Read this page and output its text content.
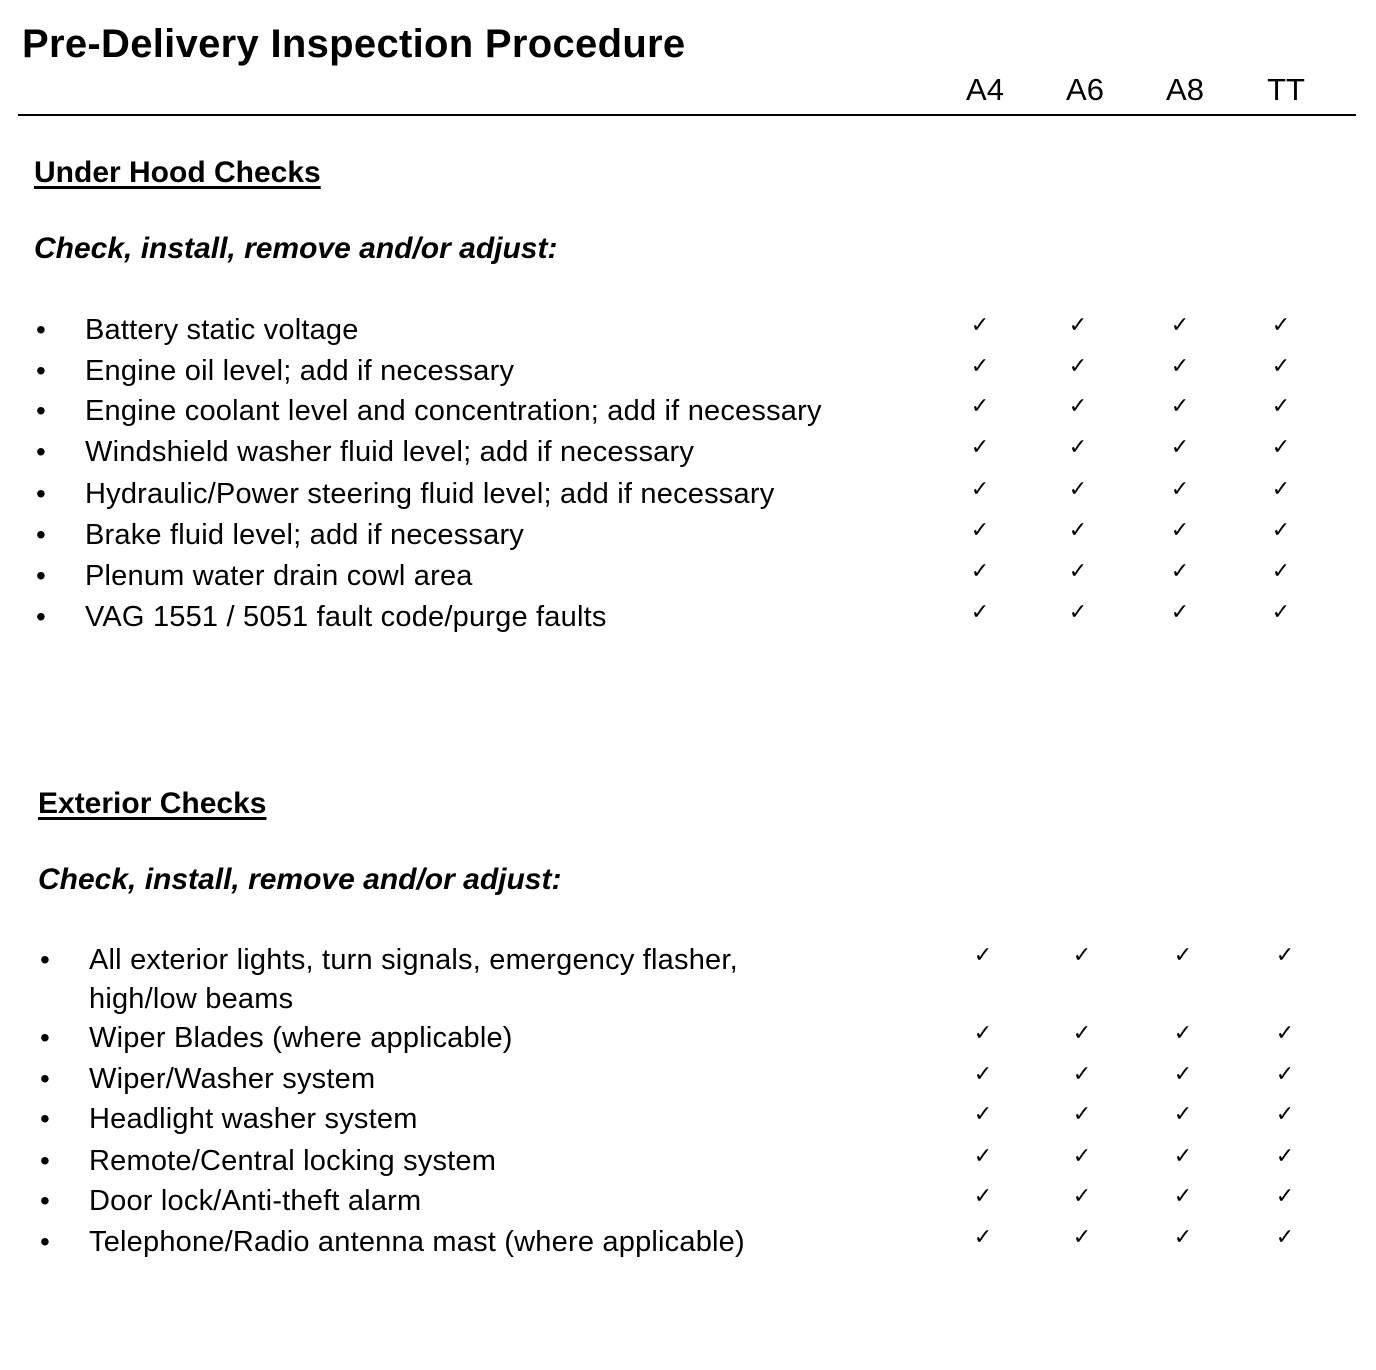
Pre-Delivery Inspection Procedure
A4	A6	A8	TT
Under Hood Checks
Check, install, remove and/or adjust:
• Battery static voltage	✓	✓	✓	✓
• Engine oil level; add if necessary	✓	✓	✓	✓
• Engine coolant level and concentration; add if necessary	✓	✓	✓	✓
• Windshield washer fluid level; add if necessary	✓	✓	✓	✓
• Hydraulic/Power steering fluid level; add if necessary	✓	✓	✓	✓
• Brake fluid level; add if necessary	✓	✓	✓	✓
• Plenum water drain cowl area	✓	✓	✓	✓
• VAG 1551 / 5051 fault code/purge faults	✓	✓	✓	✓
Exterior Checks
Check, install, remove and/or adjust:
• All exterior lights, turn signals, emergency flasher,
high/low beams
✓	✓	✓	✓
• Wiper Blades (where applicable)	✓	✓	✓	✓
• Wiper/Washer system	✓	✓	✓	✓
• Headlight washer system	✓	✓	✓	✓
• Remote/Central locking system	✓	✓	✓	✓
• Door lock/Anti-theft alarm	✓	✓	✓	✓
• Telephone/Radio antenna mast (where applicable)	✓	✓	✓	✓
